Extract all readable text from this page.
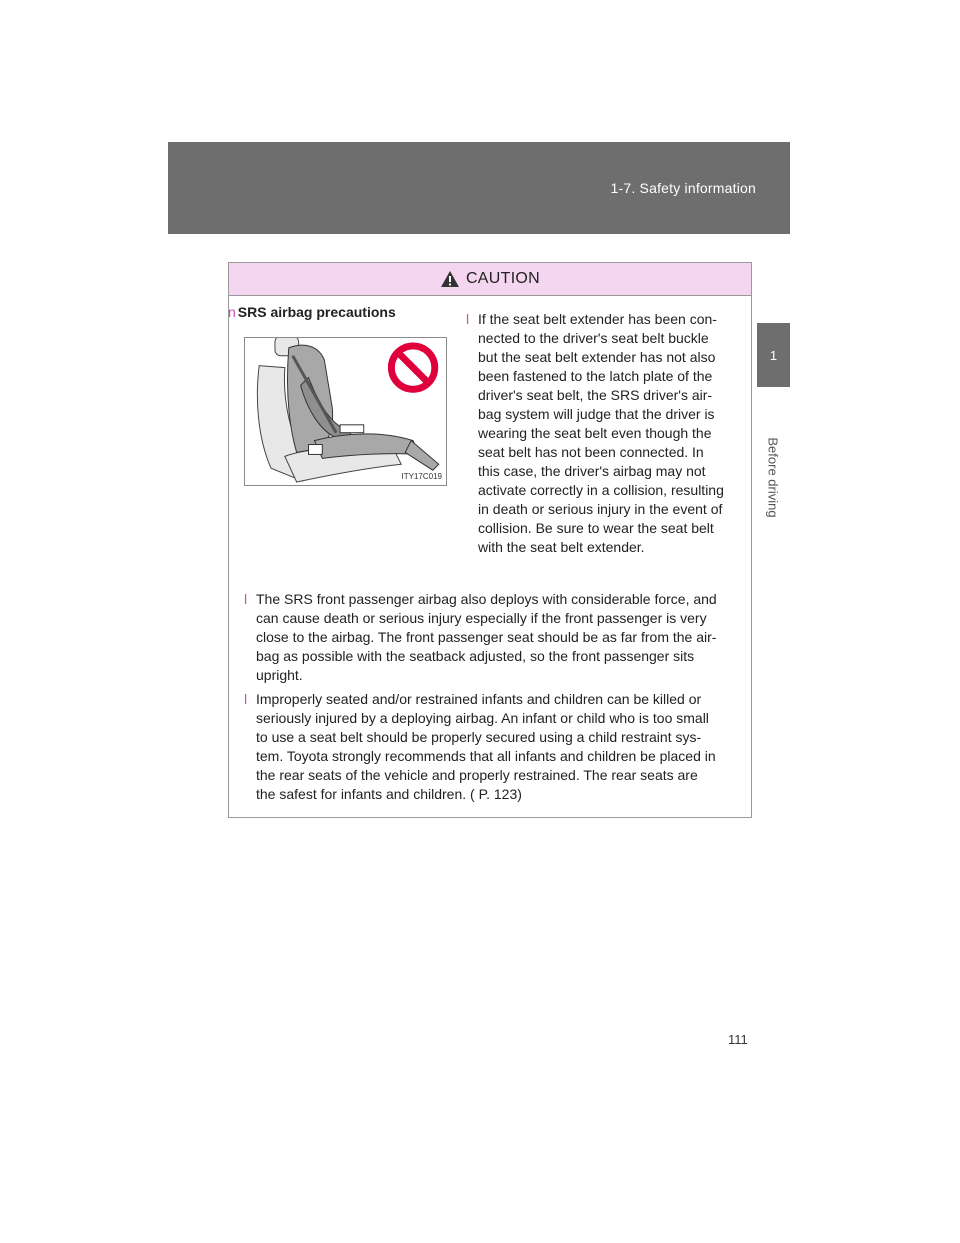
1-7. Safety information
1
Before driving
CAUTION
n SRS airbag precautions
ITY17C019
l If the seat belt extender has been con-
nected to the driver's seat belt buckle
but the seat belt extender has not also
been fastened to the latch plate of the
driver's seat belt, the SRS driver's air-
bag system will judge that the driver is
wearing the seat belt even though the
seat belt has not been connected. In
this case, the driver's airbag may not
activate correctly in a collision, resulting
in death or serious injury in the event of
collision. Be sure to wear the seat belt
with the seat belt extender.
l The SRS front passenger airbag also deploys with considerable force, and
can cause death or serious injury especially if the front passenger is very
close to the airbag. The front passenger seat should be as far from the air-
bag as possible with the seatback adjusted, so the front passenger sits
upright.
l Improperly seated and/or restrained infants and children can be killed or
seriously injured by a deploying airbag. An infant or child who is too small
to use a seat belt should be properly secured using a child restraint sys-
tem. Toyota strongly recommends that all infants and children be placed in
the rear seats of the vehicle and properly restrained. The rear seats are
the safest for infants and children. ( P. 123)
111
